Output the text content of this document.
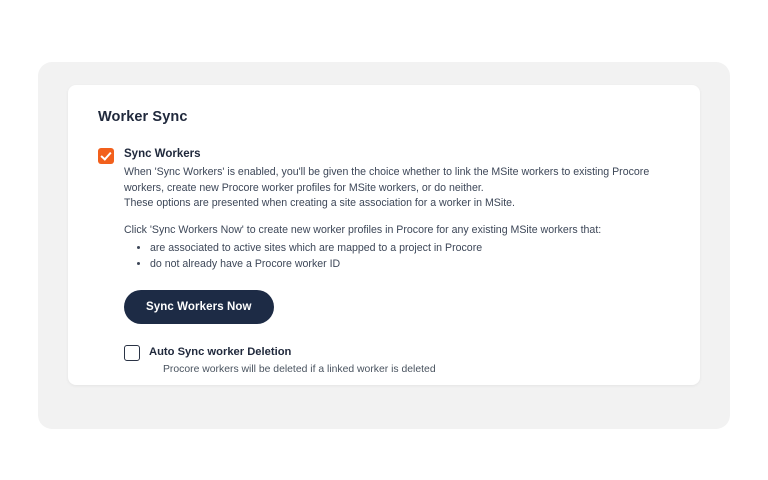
Worker Sync
Sync Workers

When 'Sync Workers' is enabled, you'll be given the choice whether to link the MSite workers to existing Procore workers, create new Procore worker profiles for MSite workers, or do neither.

These options are presented when creating a site association for a worker in MSite.

Click 'Sync Workers Now' to create new worker profiles in Procore for any existing MSite workers that:

• are associated to active sites which are mapped to a project in Procore
• do not already have a Procore worker ID
Sync Workers Now
Auto Sync worker Deletion
Procore workers will be deleted if a linked worker is deleted
